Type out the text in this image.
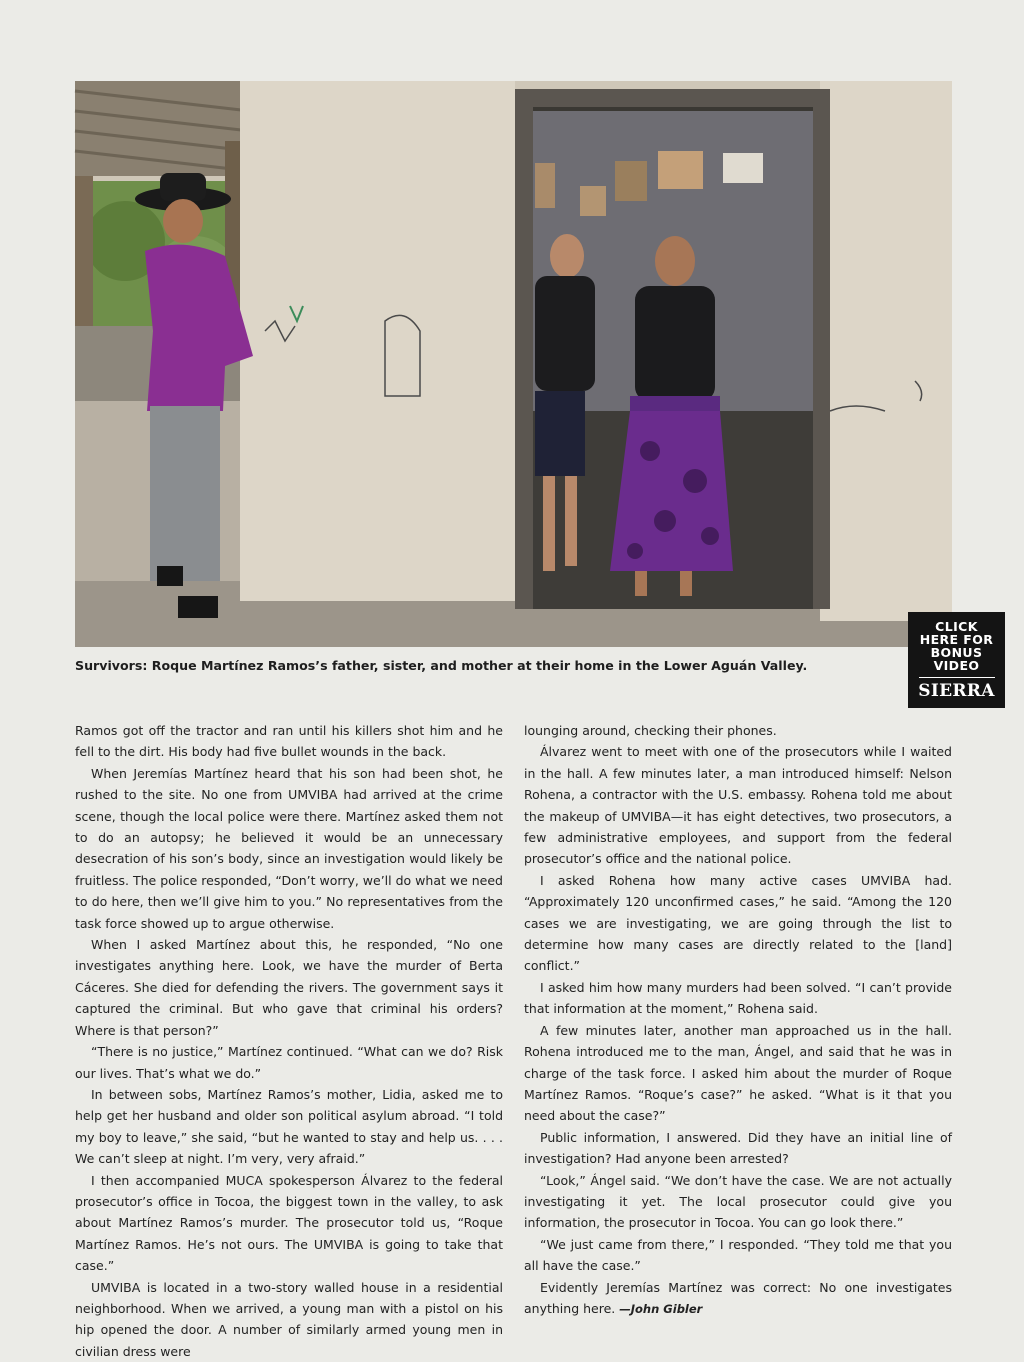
CLICK
HERE FOR
BONUS
VIDEO
SIERRA
Survivors: Roque Martínez Ramos’s father, sister, and mother at their home in the Lower Aguán Valley.

Ramos got off the tractor and ran until his killers shot him and he fell to the dirt. His body had five bullet wounds in the back.

When Jeremías Martínez heard that his son had been shot, he rushed to the site. No one from UMVIBA had arrived at the crime scene, though the local police were there. Martínez asked them not to do an autopsy; he believed it would be an unnecessary desecration of his son’s body, since an investigation would likely be fruitless. The police responded, “Don’t worry, we’ll do what we need to do here, then we’ll give him to you.” No representatives from the task force showed up to argue otherwise.

When I asked Martínez about this, he responded, “No one investigates anything here. Look, we have the murder of Berta Cáceres. She died for defending the rivers. The government says it captured the criminal. But who gave that criminal his orders? Where is that person?”

“There is no justice,” Martínez continued. “What can we do? Risk our lives. That’s what we do.”

In between sobs, Martínez Ramos’s mother, Lidia, asked me to help get her husband and older son political asylum abroad. “I told my boy to leave,” she said, “but he wanted to stay and help us. . . . We can’t sleep at night. I’m very, very afraid.”

I then accompanied MUCA spokesperson Álvarez to the federal prosecutor’s office in Tocoa, the biggest town in the valley, to ask about Martínez Ramos’s murder. The prosecutor told us, “Roque Martínez Ramos. He’s not ours. The UMVIBA is going to take that case.”

UMVIBA is located in a two-story walled house in a residential neighborhood. When we arrived, a young man with a pistol on his hip opened the door. A number of similarly armed young men in civilian dress were

lounging around, checking their phones.

Álvarez went to meet with one of the prosecutors while I waited in the hall. A few minutes later, a man introduced himself: Nelson Rohena, a contractor with the U.S. embassy. Rohena told me about the makeup of UMVIBA—it has eight detectives, two prosecutors, a few administrative employees, and support from the federal prosecutor’s office and the national police.

I asked Rohena how many active cases UMVIBA had. “Approximately 120 unconfirmed cases,” he said. “Among the 120 cases we are investigating, we are going through the list to determine how many cases are directly related to the [land] conflict.”

I asked him how many murders had been solved. “I can’t provide that information at the moment,” Rohena said.

A few minutes later, another man approached us in the hall. Rohena introduced me to the man, Ángel, and said that he was in charge of the task force. I asked him about the murder of Roque Martínez Ramos. “Roque’s case?” he asked. “What is it that you need about the case?”

Public information, I answered. Did they have an initial line of investigation? Had anyone been arrested?

“Look,” Ángel said. “We don’t have the case. We are not actually investigating it yet. The local prosecutor could give you information, the prosecutor in Tocoa. You can go look there.”

“We just came from there,” I responded. “They told me that you all have the case.”

Evidently Jeremías Martínez was correct: No one investigates anything here. —John Gibler
